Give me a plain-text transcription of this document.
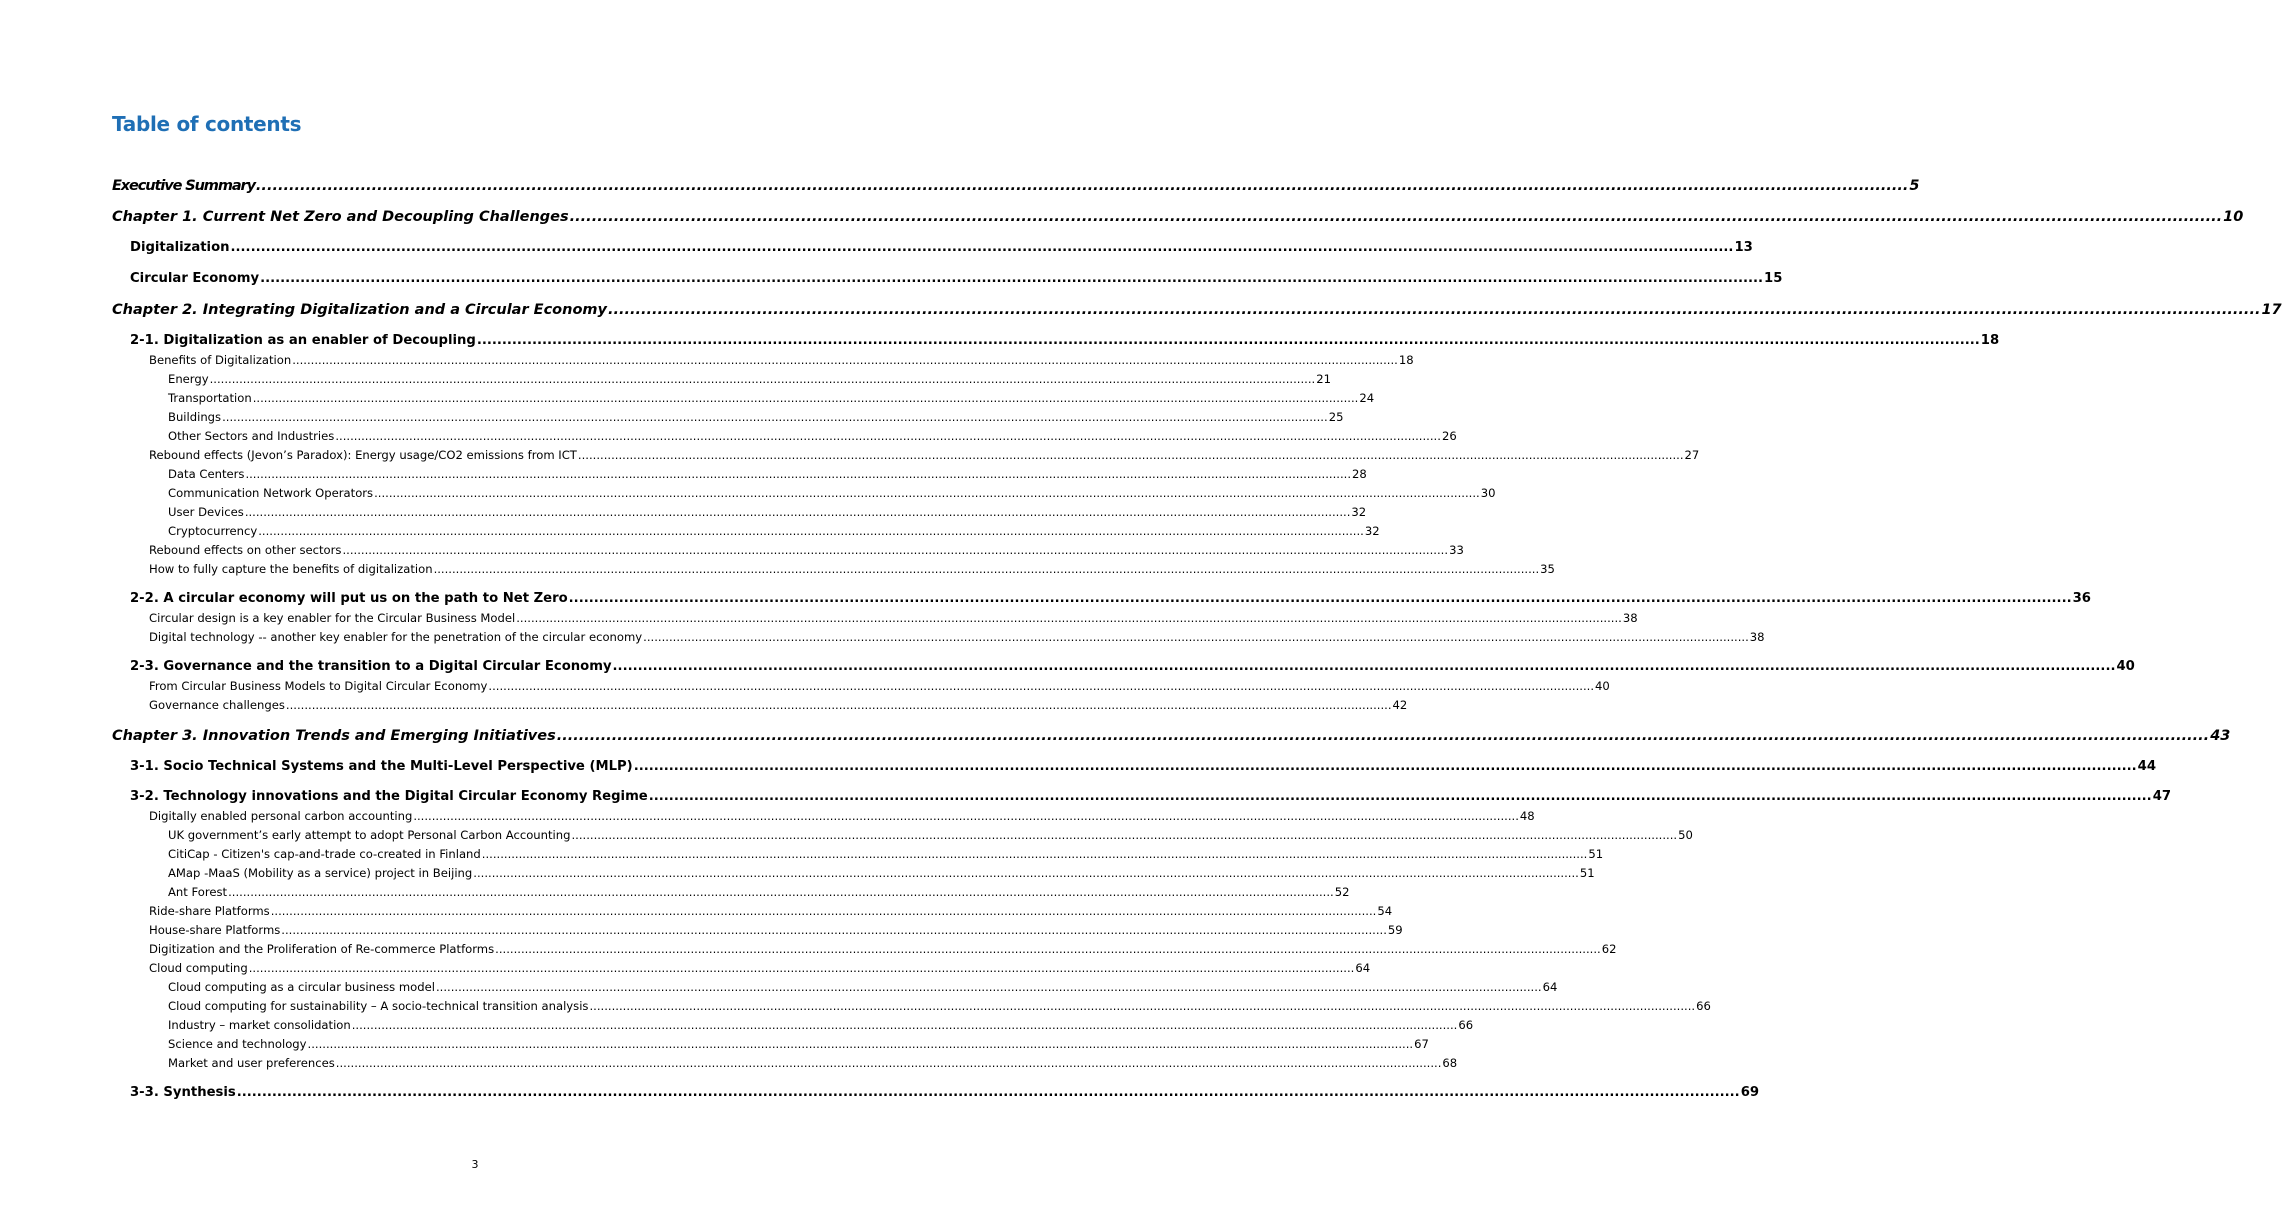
Table of contents
Executive Summary ............................................................................................................................................................................................................................................................................................................ 5
Chapter 1. Current Net Zero and Decoupling Challenges ............................................................................................................................................................................................................................................................................................................ 10
Digitalization ............................................................................................................................................................................................................................................................................................................ 13
Circular Economy ............................................................................................................................................................................................................................................................................................................ 15
Chapter 2. Integrating Digitalization and a Circular Economy ............................................................................................................................................................................................................................................................................................................ 17
2-1. Digitalization as an enabler of Decoupling ............................................................................................................................................................................................................................................................................................................ 18
Benefits of Digitalization ............................................................................................................................................................................................................................................................................................................ 18
Energy ............................................................................................................................................................................................................................................................................................................ 21
Transportation ............................................................................................................................................................................................................................................................................................................ 24
Buildings ............................................................................................................................................................................................................................................................................................................ 25
Other Sectors and Industries ............................................................................................................................................................................................................................................................................................................ 26
Rebound effects (Jevon’s Paradox): Energy usage/CO2 emissions from ICT ............................................................................................................................................................................................................................................................................................................ 27
Data Centers ............................................................................................................................................................................................................................................................................................................ 28
Communication Network Operators ............................................................................................................................................................................................................................................................................................................ 30
User Devices ............................................................................................................................................................................................................................................................................................................ 32
Cryptocurrency ............................................................................................................................................................................................................................................................................................................ 32
Rebound effects on other sectors ............................................................................................................................................................................................................................................................................................................ 33
How to fully capture the benefits of digitalization ............................................................................................................................................................................................................................................................................................................ 35
2-2. A circular economy will put us on the path to Net Zero ............................................................................................................................................................................................................................................................................................................ 36
Circular design is a key enabler for the Circular Business Model ............................................................................................................................................................................................................................................................................................................ 38
Digital technology -- another key enabler for the penetration of the circular economy ............................................................................................................................................................................................................................................................................................................ 38
2-3. Governance and the transition to a Digital Circular Economy ............................................................................................................................................................................................................................................................................................................ 40
From Circular Business Models to Digital Circular Economy ............................................................................................................................................................................................................................................................................................................ 40
Governance challenges ............................................................................................................................................................................................................................................................................................................ 42
Chapter 3. Innovation Trends and Emerging Initiatives ............................................................................................................................................................................................................................................................................................................ 43
3-1. Socio Technical Systems and the Multi-Level Perspective (MLP) ............................................................................................................................................................................................................................................................................................................ 44
3-2. Technology innovations and the Digital Circular Economy Regime ............................................................................................................................................................................................................................................................................................................ 47
Digitally enabled personal carbon accounting ............................................................................................................................................................................................................................................................................................................ 48
UK government’s early attempt to adopt Personal Carbon Accounting ............................................................................................................................................................................................................................................................................................................ 50
CitiCap - Citizen's cap-and-trade co-created in Finland ............................................................................................................................................................................................................................................................................................................ 51
AMap -MaaS (Mobility as a service) project in Beijing ............................................................................................................................................................................................................................................................................................................ 51
Ant Forest ............................................................................................................................................................................................................................................................................................................ 52
Ride-share Platforms ............................................................................................................................................................................................................................................................................................................ 54
House-share Platforms ............................................................................................................................................................................................................................................................................................................ 59
Digitization and the Proliferation of Re-commerce Platforms ............................................................................................................................................................................................................................................................................................................ 62
Cloud computing ............................................................................................................................................................................................................................................................................................................ 64
Cloud computing as a circular business model ............................................................................................................................................................................................................................................................................................................ 64
Cloud computing for sustainability – A socio-technical transition analysis ............................................................................................................................................................................................................................................................................................................ 66
Industry – market consolidation ............................................................................................................................................................................................................................................................................................................ 66
Science and technology ............................................................................................................................................................................................................................................................................................................ 67
Market and user preferences ............................................................................................................................................................................................................................................................................................................ 68
3-3. Synthesis ............................................................................................................................................................................................................................................................................................................ 69
3
